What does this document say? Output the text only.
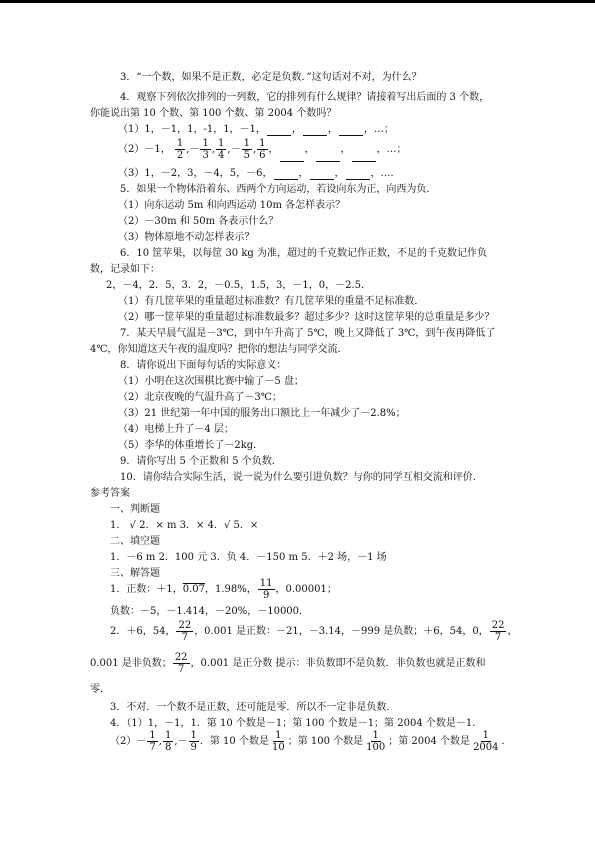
3．“一个数，如果不是正数，必定是负数．”这句话对不对，为什么？
4．观察下列依次排列的一列数，它的排列有什么规律？请接着写出后面的 3 个数，
你能说出第 10 个数、第 100 个数、第 2004 个数吗？
（1）1，－1，1，-1，1，－1，	，	，	，…；
（2）－1， $\frac{1}{2}$ ,－ $\frac{1}{3}$ , $\frac{1}{4}$ ,－ $\frac{1}{5}$ , $\frac{1}{6}$ ，	，	，	，…；
（3）1，－2，3，－4，5，－6，	，	，	，…．
5．如果一个物体沿着东、西两个方向运动，若设向东为正，向西为负．
（1）向东运动 5m 和向西运动 10m 各怎样表示？
（2）－30m 和 50m 各表示什么？
（3）物体原地不动怎样表示？
6．10 筐苹果，以每筐 30 kg 为准，超过的千克数记作正数，不足的千克数记作负
数，记录如下：
2，－4，2．5，3．2，－0.5，1.5，3，－1，0，－2.5．
（1）有几筐苹果的重量超过标准数？有几筐苹果的重量不足标准数．
（2）哪一筐苹果的重量超过标准数最多？超过多少？这时这筐苹果的总重量是多少？
7．某天早晨气温是－3℃，到中午升高了 5℃，晚上又降低了 3℃，到午夜再降低了
4℃，你知道这天午夜的温度吗？把你的想法与同学交流．
8．请你说出下面每句话的实际意义：
（1）小明在这次围棋比赛中输了－5 盘；
（2）北京夜晚的气温升高了－3℃；
（3）21 世纪第一年中国的服务出口额比上一年减少了－2.8%；
（4）电梯上升了－4 层；
（5）李华的体重增长了－2kg．
9．请你写出 5 个正数和 5 个负数．
10．请你结合实际生活，说一说为什么要引进负数？与你的同学互相交流和评价．
参考答案
一、判断题
1． √ 2．× m 3．× 4．√ 5．×
二、填空题
1．－6 m 2．100 元 3．负 4．－150 m 5．＋2 场，－1 场
三、解答题
1．正数：＋1，0.07，1.98%， $\frac{11}{9}$ ，0.00001；
负数：－5，－1.414，－20%，－10000．
2．＋6，54， $\frac{22}{7}$ ，0.001 是正数：－21，－3.14，－999 是负数；＋6，54，0， $\frac{22}{7}$ ，
0.001 是非负数； $\frac{22}{7}$ ，0.001 是正分数 提示：非负数即不是负数．非负数也就是正数和
零．
3．不对．一个数不是正数，还可能是零．所以不一定非是负数．
4．（1）1，－1，1．第 10 个数是－1；第 100 个数是－1；第 2004 个数是－1．
$(2)- \frac{1}{7}$ , $\frac{1}{8}$ ,－ $\frac{1}{9}$ ．第 10 个数是 $\frac{1}{10}$ ；第 100 个数是 $\frac{1}{100}$ ；第 2004 个数是 $\frac{1}{2004}$ ．
